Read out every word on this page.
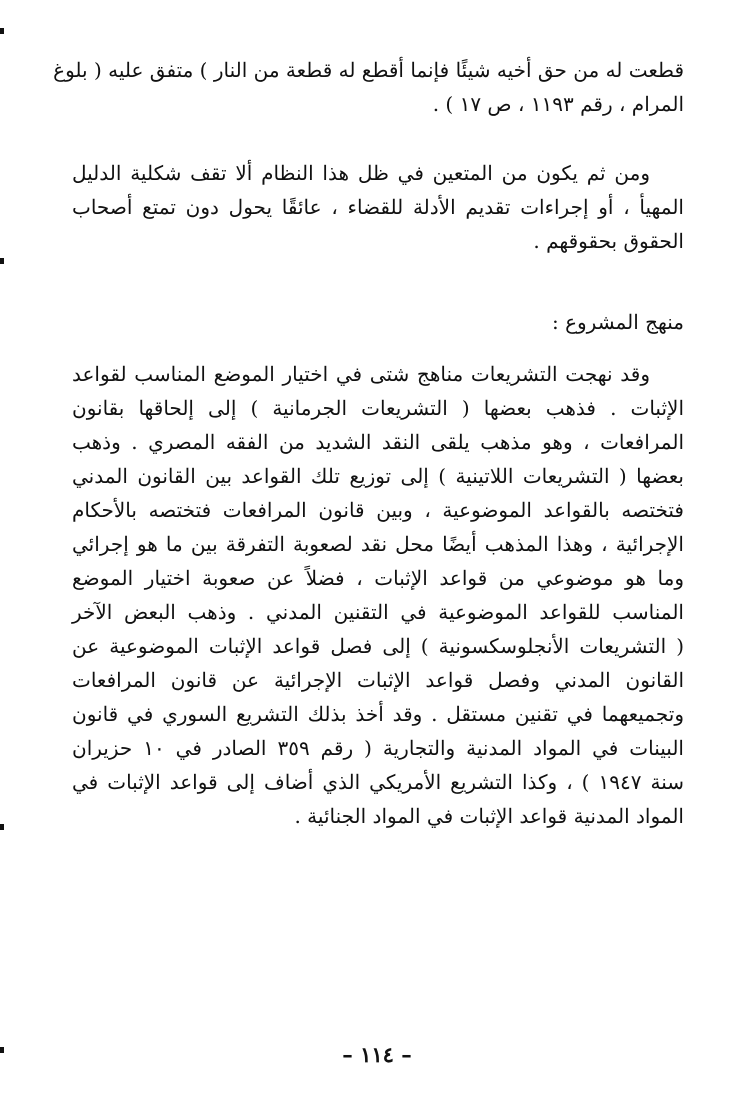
قطعت له من حق أخيه شيئًا فإنما أقطع له قطعة من النار ) متفق عليه ( بلوغ
المرام ، رقم ١١٩٣ ، ص ١٧ ) .
ومن ثم يكون من المتعين في ظل هذا النظام ألا تقف شكلية الدليل
المهيأ ، أو إجراءات تقديم الأدلة للقضاء ، عائقًا يحول دون تمتع أصحاب
الحقوق بحقوقهم .
منهج المشروع :
وقد نهجت التشريعات مناهج شتى في اختيار الموضع المناسب لقواعد
الإثبات . فذهب بعضها ( التشريعات الجرمانية ) إلى إلحاقها بقانون
المرافعات ، وهو مذهب يلقى النقد الشديد من الفقه المصري . وذهب
بعضها ( التشريعات اللاتينية ) إلى توزيع تلك القواعد بين القانون المدني
فتختصه بالقواعد الموضوعية ، وبين قانون المرافعات فتختصه بالأحكام
الإجرائية ، وهذا المذهب أيضًا محل نقد لصعوبة التفرقة بين ما هو إجرائي
وما هو موضوعي من قواعد الإثبات ، فضلاً عن صعوبة اختيار الموضع
المناسب للقواعد الموضوعية في التقنين المدني . وذهب البعض الآخر
( التشريعات الأنجلوسكسونية ) إلى فصل قواعد الإثبات الموضوعية عن
القانون المدني وفصل قواعد الإثبات الإجرائية عن قانون المرافعات
وتجميعهما في تقنين مستقل . وقد أخذ بذلك التشريع السوري في قانون
البينات في المواد المدنية والتجارية ( رقم ٣٥٩ الصادر في ١٠ حزيران
سنة ١٩٤٧ ) ، وكذا التشريع الأمريكي الذي أضاف إلى قواعد الإثبات في
المواد المدنية قواعد الإثبات في المواد الجنائية .
– ١١٤ –
